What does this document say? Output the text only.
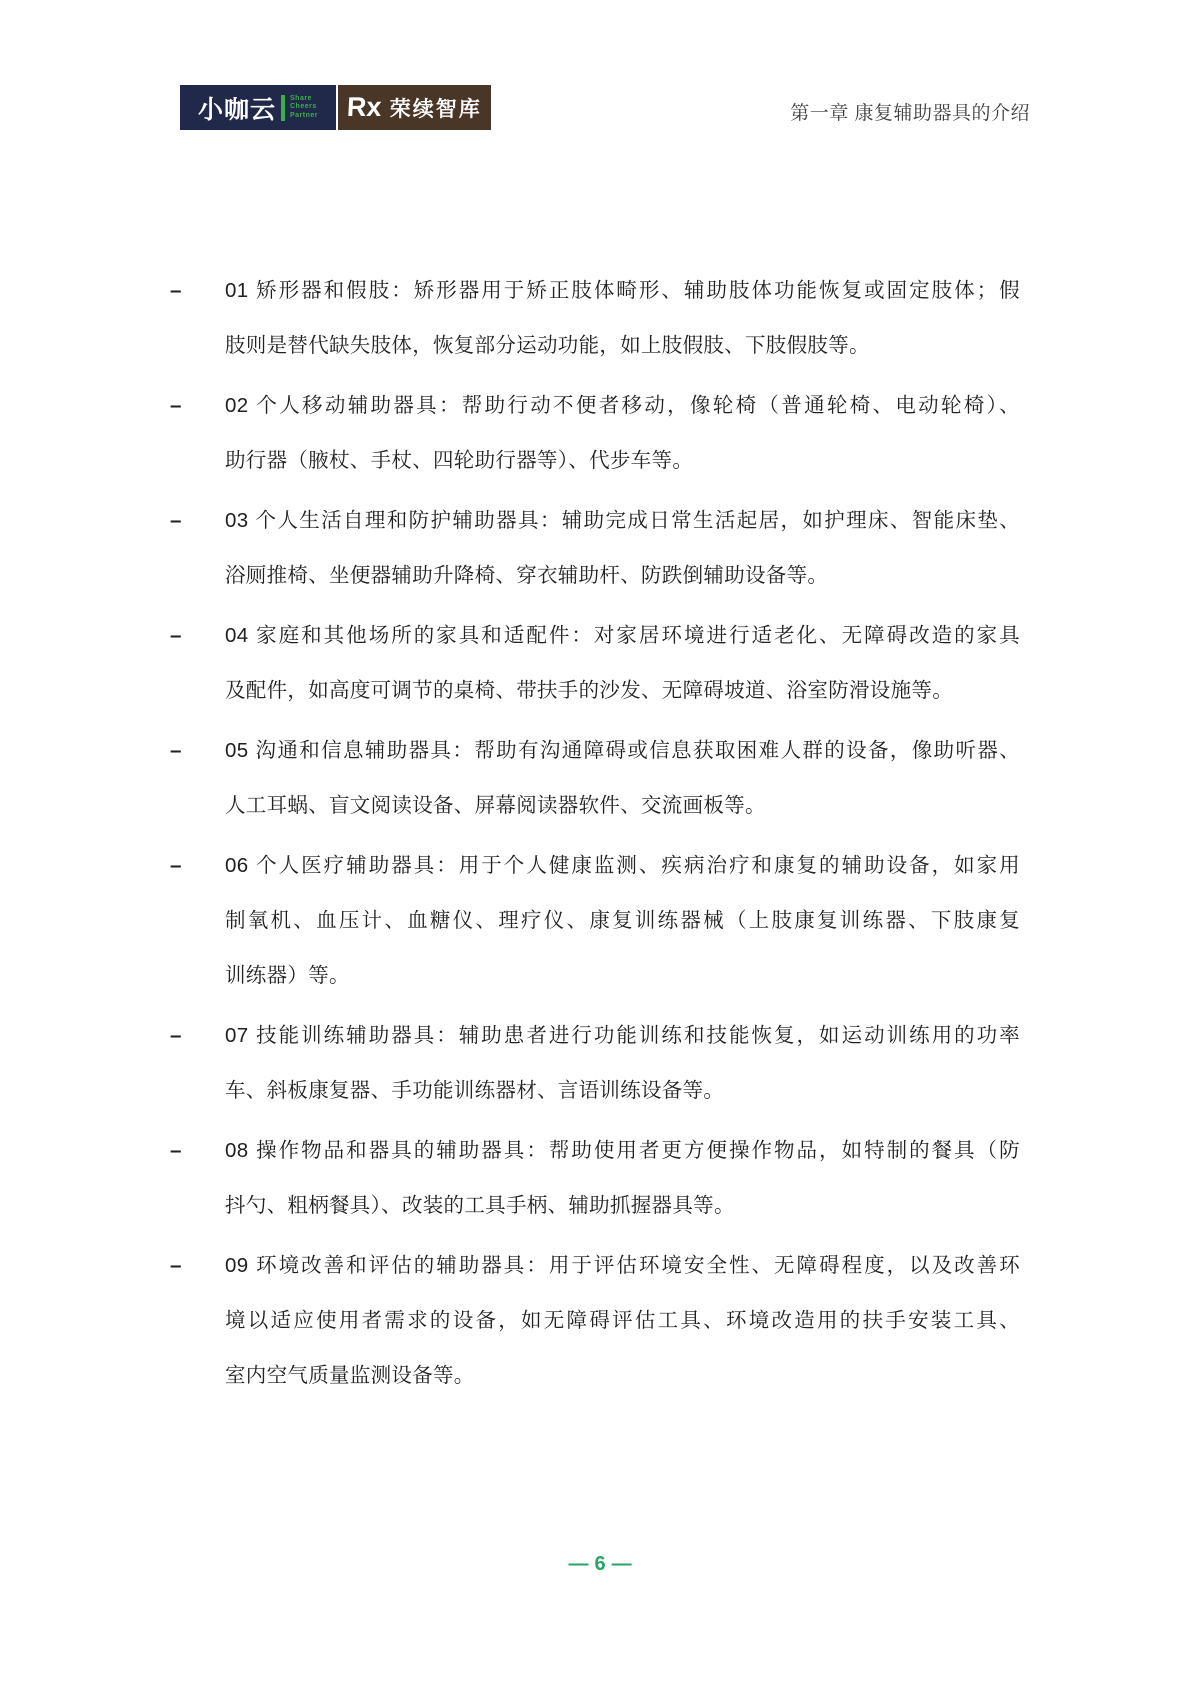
小咖云 Share
Cheers
Partner Rx 荣续智库	第一章 康复辅助器具的介绍
–	01 矫形器和假肢：矫形器用于矫正肢体畸形、辅助肢体功能恢复或固定肢体；假
肢则是替代缺失肢体，恢复部分运动功能，如上肢假肢、下肢假肢等。
–	02 个人移动辅助器具：帮助行动不便者移动，像轮椅（普通轮椅、电动轮椅）、
助行器（腋杖、手杖、四轮助行器等）、代步车等。
–	03 个人生活自理和防护辅助器具：辅助完成日常生活起居，如护理床、智能床垫、
浴厕推椅、坐便器辅助升降椅、穿衣辅助杆、防跌倒辅助设备等。
–	04 家庭和其他场所的家具和适配件：对家居环境进行适老化、无障碍改造的家具
及配件，如高度可调节的桌椅、带扶手的沙发、无障碍坡道、浴室防滑设施等。
–	05 沟通和信息辅助器具：帮助有沟通障碍或信息获取困难人群的设备，像助听器、
人工耳蜗、盲文阅读设备、屏幕阅读器软件、交流画板等。
–	06 个人医疗辅助器具：用于个人健康监测、疾病治疗和康复的辅助设备，如家用
制氧机、血压计、血糖仪、理疗仪、康复训练器械（上肢康复训练器、下肢康复
训练器）等。
–	07 技能训练辅助器具：辅助患者进行功能训练和技能恢复，如运动训练用的功率
车、斜板康复器、手功能训练器材、言语训练设备等。
–	08 操作物品和器具的辅助器具：帮助使用者更方便操作物品，如特制的餐具（防
抖勺、粗柄餐具）、改装的工具手柄、辅助抓握器具等。
–	09 环境改善和评估的辅助器具：用于评估环境安全性、无障碍程度，以及改善环
境以适应使用者需求的设备，如无障碍评估工具、环境改造用的扶手安装工具、
室内空气质量监测设备等。
— 6 —
